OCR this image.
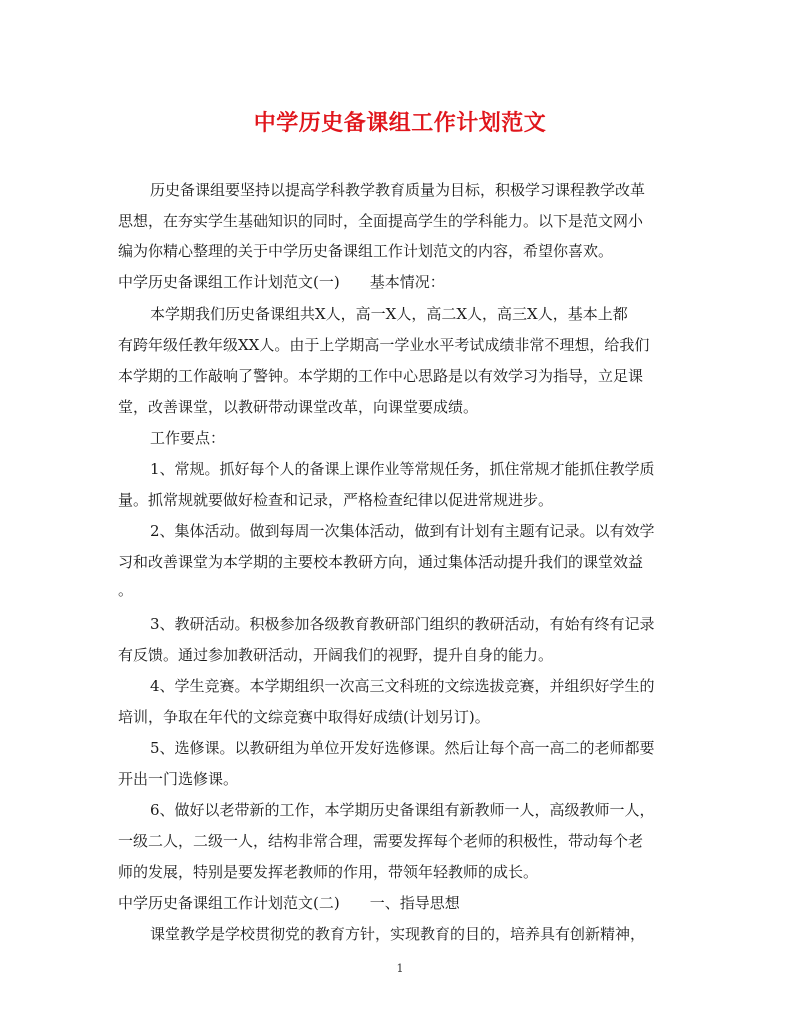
中学历史备课组工作计划范文
历史备课组要坚持以提高学科教学教育质量为目标，积极学习课程教学改革
思想，在夯实学生基础知识的同时，全面提高学生的学科能力。以下是范文网小
编为你精心整理的关于中学历史备课组工作计划范文的内容，希望你喜欢。
中学历史备课组工作计划范文(一)　　基本情况：
本学期我们历史备课组共X人，高一X人，高二X人，高三X人，基本上都
有跨年级任教年级XX人。由于上学期高一学业水平考试成绩非常不理想，给我们
本学期的工作敲响了警钟。本学期的工作中心思路是以有效学习为指导，立足课
堂，改善课堂，以教研带动课堂改革，向课堂要成绩。
工作要点：
1、常规。抓好每个人的备课上课作业等常规任务，抓住常规才能抓住教学质
量。抓常规就要做好检查和记录，严格检查纪律以促进常规进步。
2、集体活动。做到每周一次集体活动，做到有计划有主题有记录。以有效学
习和改善课堂为本学期的主要校本教研方向，通过集体活动提升我们的课堂效益
。
3、教研活动。积极参加各级教育教研部门组织的教研活动，有始有终有记录
有反馈。通过参加教研活动，开阔我们的视野，提升自身的能力。
4、学生竞赛。本学期组织一次高三文科班的文综选拔竞赛，并组织好学生的
培训，争取在年代的文综竞赛中取得好成绩(计划另订)。
5、选修课。以教研组为单位开发好选修课。然后让每个高一高二的老师都要
开出一门选修课。
6、做好以老带新的工作，本学期历史备课组有新教师一人，高级教师一人，
一级二人，二级一人，结构非常合理，需要发挥每个老师的积极性，带动每个老
师的发展，特别是要发挥老教师的作用，带领年轻教师的成长。
中学历史备课组工作计划范文(二)　　一、指导思想
课堂教学是学校贯彻党的教育方针，实现教育的目的，培养具有创新精神，
1
